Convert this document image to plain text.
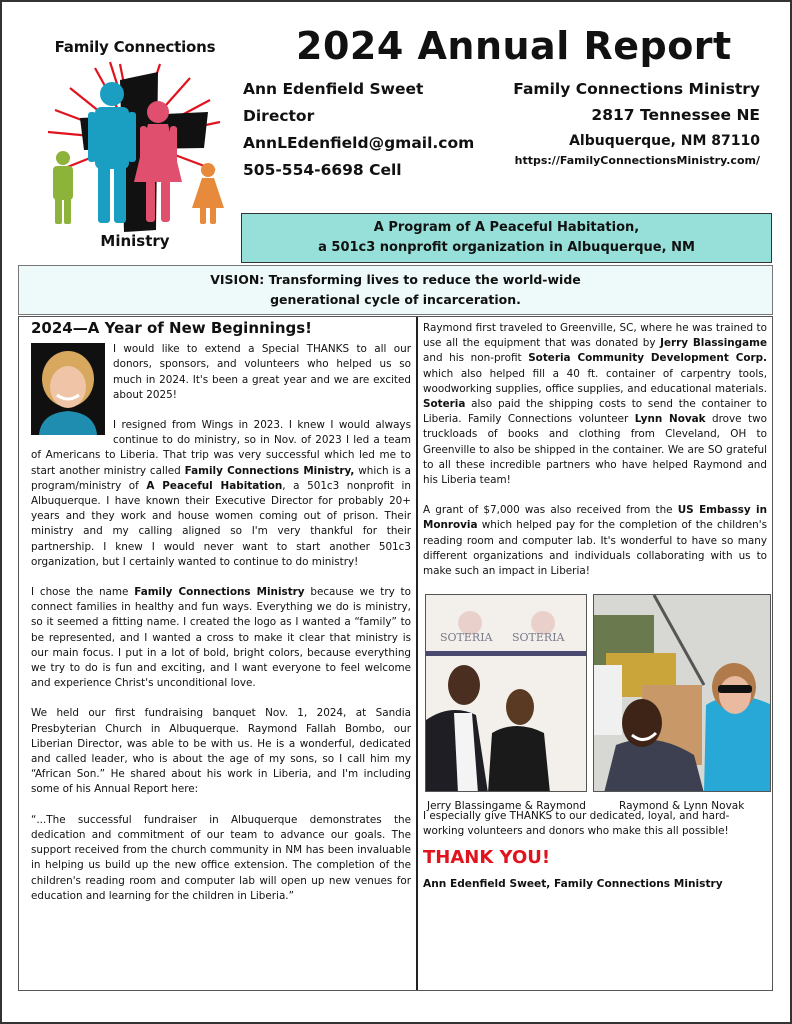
Family Connections
Ministry
2024 Annual Report
Ann Edenfield Sweet
Director
AnnLEdenfield@gmail.com
505-554-6698 Cell
Family Connections Ministry
2817 Tennessee NE
Albuquerque, NM 87110
https://FamilyConnectionsMinistry.com/
A Program of A Peaceful Habitation,
a 501c3 nonprofit organization in Albuquerque, NM
VISION: Transforming lives to reduce the world-wide
generational cycle of incarceration.
2024—A Year of New Beginnings!

I would like to extend a Special THANKS to all our donors, sponsors, and volunteers who helped us so much in 2024. It's been a great year and we are excited about 2025!

I resigned from Wings in 2023. I knew I would always continue to do ministry, so in Nov. of 2023 I led a team of Americans to Liberia. That trip was very successful which led me to start another ministry called Family Connections Ministry, which is a program/ministry of A Peaceful Habitation, a 501c3 nonprofit in Albuquerque. I have known their Executive Director for probably 20+ years and they work and house women coming out of prison. Their ministry and my calling aligned so I'm very thankful for their partnership. I knew I would never want to start another 501c3 organization, but I certainly wanted to continue to do ministry!

I chose the name Family Connections Ministry because we try to connect families in healthy and fun ways. Everything we do is ministry, so it seemed a fitting name. I created the logo as I wanted a “family” to be represented, and I wanted a cross to make it clear that ministry is our main focus. I put in a lot of bold, bright colors, because everything we try to do is fun and exciting, and I want everyone to feel welcome and experience Christ's unconditional love.

We held our first fundraising banquet Nov. 1, 2024, at Sandia Presbyterian Church in Albuquerque. Raymond Fallah Bombo, our Liberian Director, was able to be with us. He is a wonderful, dedicated and called leader, who is about the age of my sons, so I call him my “African Son.” He shared about his work in Liberia, and I'm including some of his Annual Report here:

“...The successful fundraiser in Albuquerque demonstrates the dedication and commitment of our team to advance our goals. The support received from the church community in NM has been invaluable in helping us build up the new office extension. The completion of the children's reading room and computer lab will open up new venues for education and learning for the children in Liberia.”

Raymond first traveled to Greenville, SC, where he was trained to use all the equipment that was donated by Jerry Blassingame and his non-profit Soteria Community Development Corp. which also helped fill a 40 ft. container of carpentry tools, woodworking supplies, office supplies, and educational materials. Soteria also paid the shipping costs to send the container to Liberia. Family Connections volunteer Lynn Novak drove two truckloads of books and clothing from Cleveland, OH to Greenville to also be shipped in the container. We are SO grateful to all these incredible partners who have helped Raymond and his Liberia team!

A grant of $7,000 was also received from the US Embassy in Monrovia which helped pay for the completion of the children's reading room and computer lab. It's wonderful to have so many different organizations and individuals collaborating with us to make such an impact in Liberia!

SOTERIA SOTERIA
Jerry Blassingame & Raymond	Raymond & Lynn Novak

I especially give THANKS to our dedicated, loyal, and hard-working volunteers and donors who make this all possible!

THANK YOU!
Ann Edenfield Sweet, Family Connections Ministry
